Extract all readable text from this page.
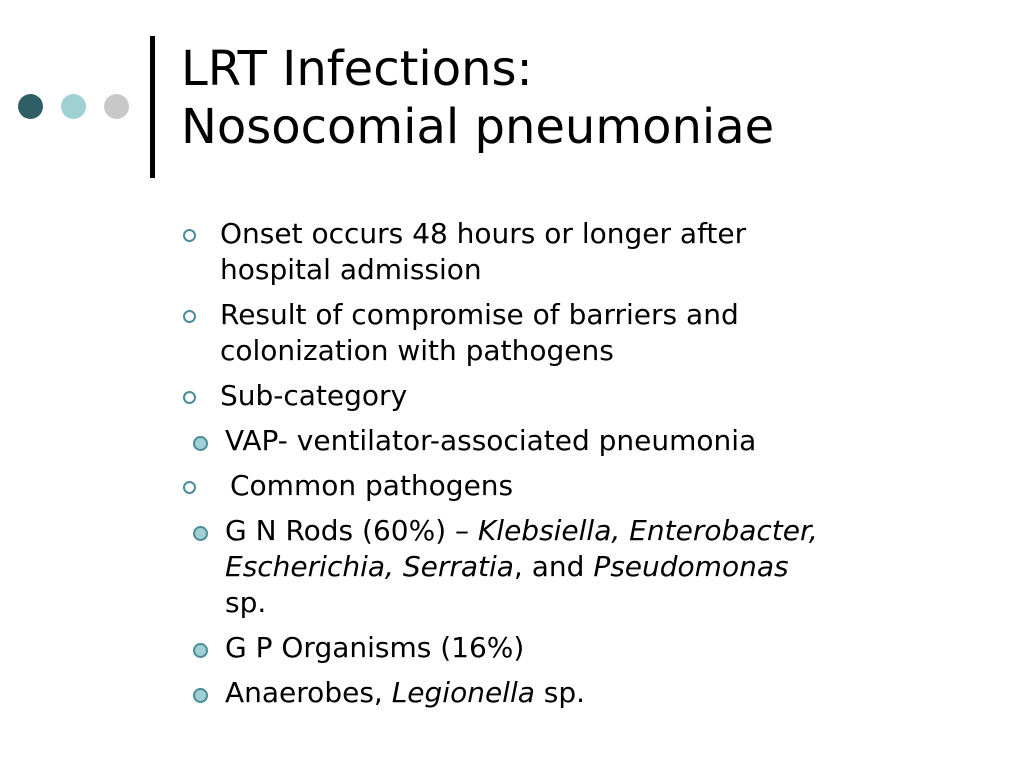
LRT Infections:
Nosocomial pneumoniae
Onset occurs 48 hours or longer after
hospital admission
Result of compromise of barriers and
colonization with pathogens
Sub-category
VAP- ventilator-associated pneumonia
Common pathogens
G N Rods (60%) – Klebsiella, Enterobacter,
Escherichia, Serratia, and Pseudomonas
sp.
G P Organisms (16%)
Anaerobes, Legionella sp.
